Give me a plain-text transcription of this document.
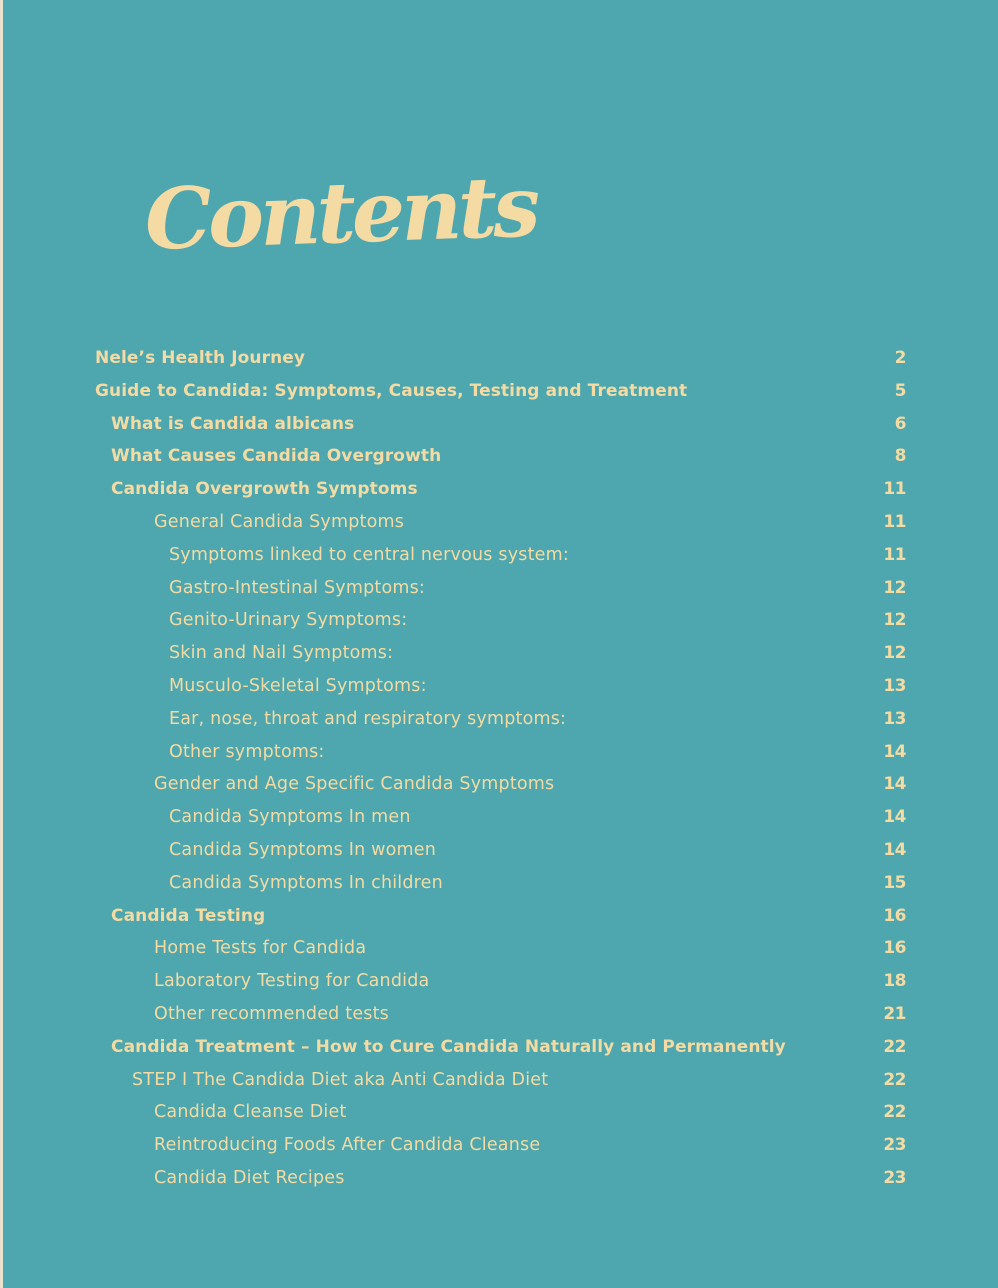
Contents
Nele’s Health Journey	2
Guide to Candida: Symptoms, Causes, Testing and Treatment	5
What is Candida albicans	6
What Causes Candida Overgrowth	8
Candida Overgrowth Symptoms	11
General Candida Symptoms	11
Symptoms linked to central nervous system:	11
Gastro-Intestinal Symptoms:	12
Genito-Urinary Symptoms:	12
Skin and Nail Symptoms:	12
Musculo-Skeletal Symptoms:	13
Ear, nose, throat and respiratory symptoms:	13
Other symptoms:	14
Gender and Age Specific Candida Symptoms	14
Candida Symptoms In men	14
Candida Symptoms In women	14
Candida Symptoms In children	15
Candida Testing	16
Home Tests for Candida	16
Laboratory Testing for Candida	18
Other recommended tests	21
Candida Treatment – How to Cure Candida Naturally and Permanently	22
STEP I The Candida Diet aka Anti Candida Diet	22
Candida Cleanse Diet	22
Reintroducing Foods After Candida Cleanse	23
Candida Diet Recipes	23
